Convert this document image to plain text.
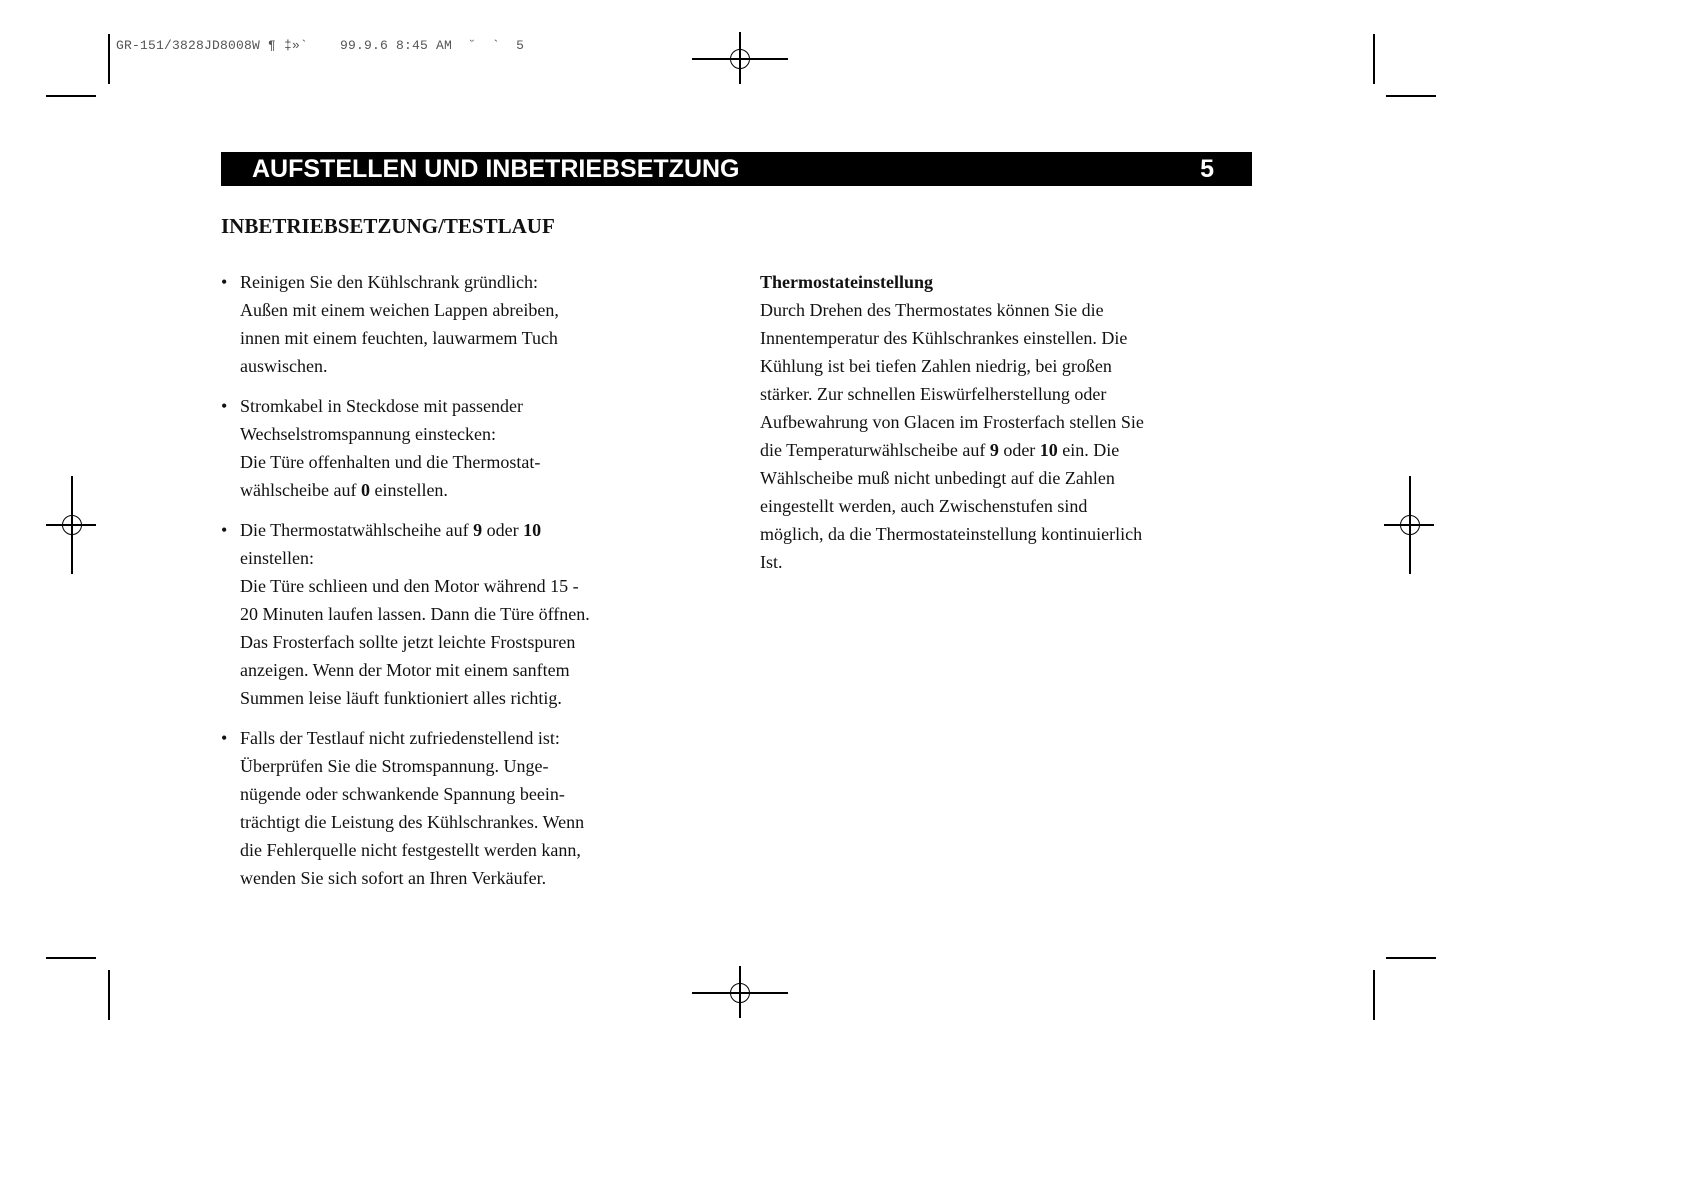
GR-151/3828JD8008W ¶ ‡»`    99.9.6 8:45 AM  ˘  `  5
AUFSTELLEN UND INBETRIEBSETZUNG	5
INBETRIEBSETZUNG/TESTLAUF
• Reinigen Sie den Kühlschrank gründlich:
Außen mit einem weichen Lappen abreiben,
innen mit einem feuchten, lauwarmem Tuch
auswischen.
• Stromkabel in Steckdose mit passender
Wechselstromspannung einstecken:
Die Türe offenhalten und die Thermostat-
wählscheibe auf 0 einstellen.
• Die Thermostatwählscheihe auf 9 oder 10
einstellen:
Die Türe schlieen und den Motor während 15 -
20 Minuten laufen lassen. Dann die Türe öffnen.
Das Frosterfach sollte jetzt leichte Frostspuren
anzeigen. Wenn der Motor mit einem sanftem
Summen leise läuft funktioniert alles richtig.
• Falls der Testlauf nicht zufriedenstellend ist:
Überprüfen Sie die Stromspannung. Unge-
nügende oder schwankende Spannung beein-
trächtigt die Leistung des Kühlschrankes. Wenn
die Fehlerquelle nicht festgestellt werden kann,
wenden Sie sich sofort an Ihren Verkäufer.
Thermostateinstellung
Durch Drehen des Thermostates können Sie die
Innentemperatur des Kühlschrankes einstellen. Die
Kühlung ist bei tiefen Zahlen niedrig, bei großen
stärker. Zur schnellen Eiswürfelherstellung oder
Aufbewahrung von Glacen im Frosterfach stellen Sie
die Temperaturwählscheibe auf 9 oder 10 ein. Die
Wählscheibe muß nicht unbedingt auf die Zahlen
eingestellt werden, auch Zwischenstufen sind
möglich, da die Thermostateinstellung kontinuierlich
Ist.
